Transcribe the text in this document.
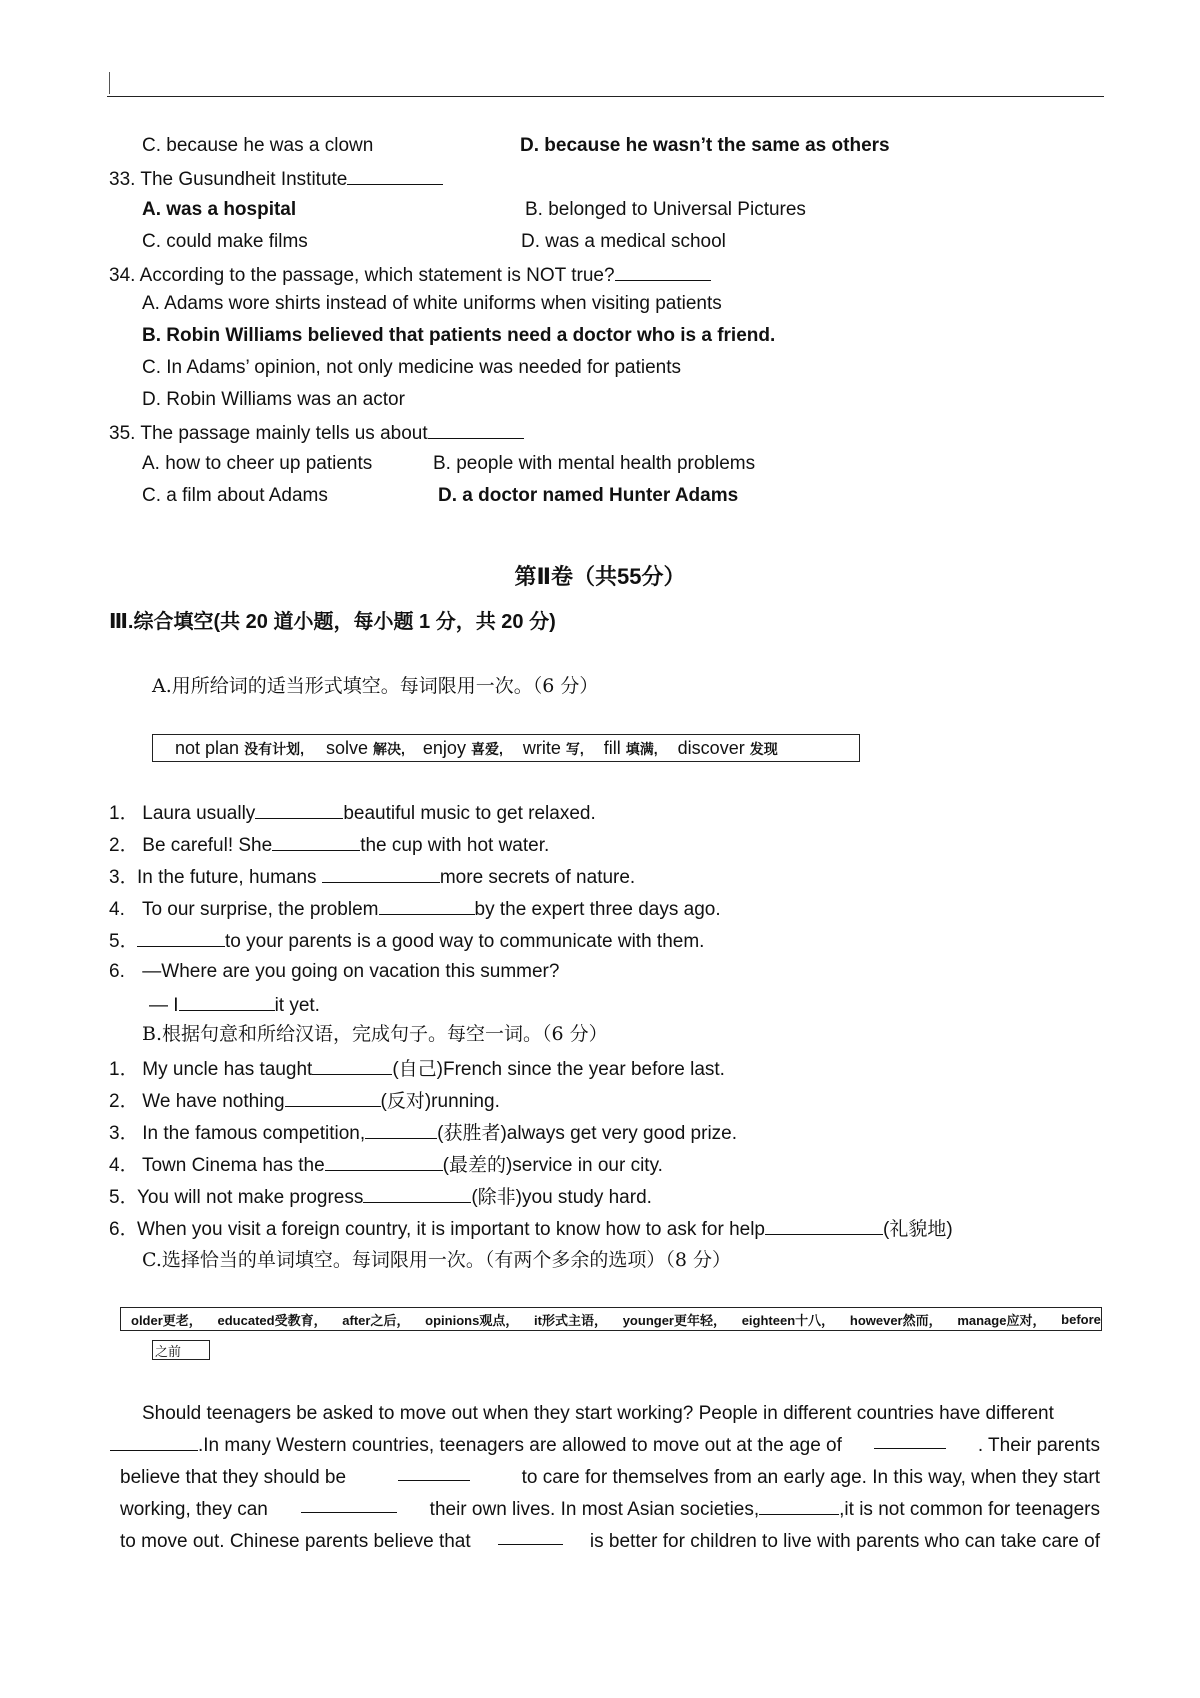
C. because he was a clown	D. because he wasn’t the same as others
33. The Gusundheit Institute
A. was a hospital	B. belonged to Universal Pictures
C. could make films	D. was a medical school
34. According to the passage, which statement is NOT true?
A. Adams wore shirts instead of white uniforms when visiting patients
B. Robin Williams believed that patients need a doctor who is a friend.
C. In Adams’ opinion, not only medicine was needed for patients
D. Robin Williams was an actor
35. The passage mainly tells us about
A. how to cheer up patients	B. people with mental health problems
C. a film about Adams	D. a doctor named Hunter Adams
第Ⅱ卷（共55分）
Ⅲ.综合填空(共 20 道小题，每小题 1 分，共 20 分)
A.用所给词的适当形式填空。每词限用一次。（6 分）
not plan 没有计划, solve 解决, enjoy 喜爱, write 写, fill 填满, discover 发现
1． Laura usually	beautiful music to get relaxed.
2． Be careful! She	the cup with hot water.
3．In the future, humans	more secrets of nature.
4. To our surprise, the problem	by the expert three days ago.
5．	to your parents is a good way to communicate with them.
6. —Where are you going on vacation this summer?
— I	it yet.
B.根据句意和所给汉语，完成句子。每空一词。（6 分）
1． My uncle has taught	(自己)French since the year before last.
2． We have nothing	(反对)running.
3． In the famous competition,	(获胜者)always get very good prize.
4． Town Cinema has the	(最差的)service in our city.
5．You will not make progress	(除非)you study hard.
6．When you visit a foreign country, it is important to know how to ask for help	(礼貌地)
C.选择恰当的单词填空。每词限用一次。（有两个多余的选项）（8 分）
older更老， educated受教育， after之后， opinions观点， it形式主语， younger更年轻， eighteen十八， however然而， manage应对， before
之前
Should teenagers be asked to move out when they start working? People in different countries have different
.In many Western countries, teenagers are allowed to move out at the age of	. Their parents
believe that they should be	to care for themselves from an early age. In this way, when they start
working, they can	their own lives. In most Asian societies,	,it is not common for teenagers
to move out. Chinese parents believe that	is better for children to live with parents who can take care of
